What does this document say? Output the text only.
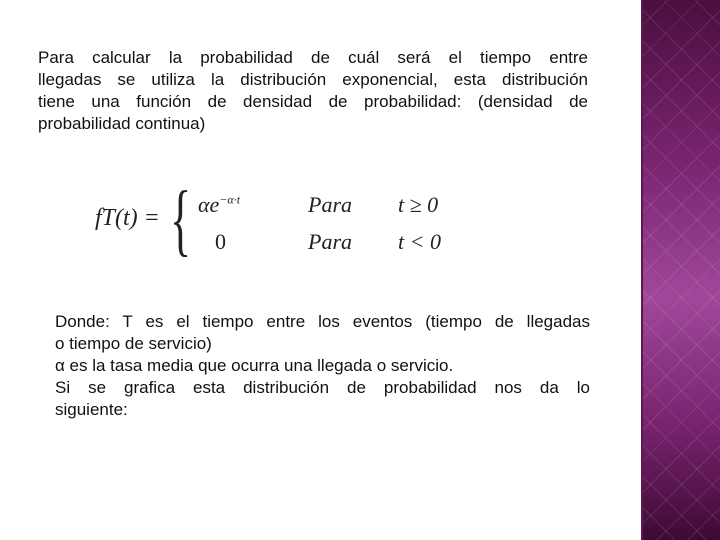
Para calcular la probabilidad de cuál será el tiempo entre
llegadas se utiliza la distribución exponencial, esta distribución
tiene una función de densidad de probabilidad: (densidad de
probabilidad continua)

fT(t) = { $\alpha e^{-\alpha\cdot t}$
0
Para
Para
t ≥ 0
t < 0

Donde: T es el tiempo entre los eventos (tiempo de llegadas
o tiempo de servicio)
α es la tasa media que ocurra una llegada o servicio.
Si se grafica esta distribución de probabilidad nos da lo
siguiente:
